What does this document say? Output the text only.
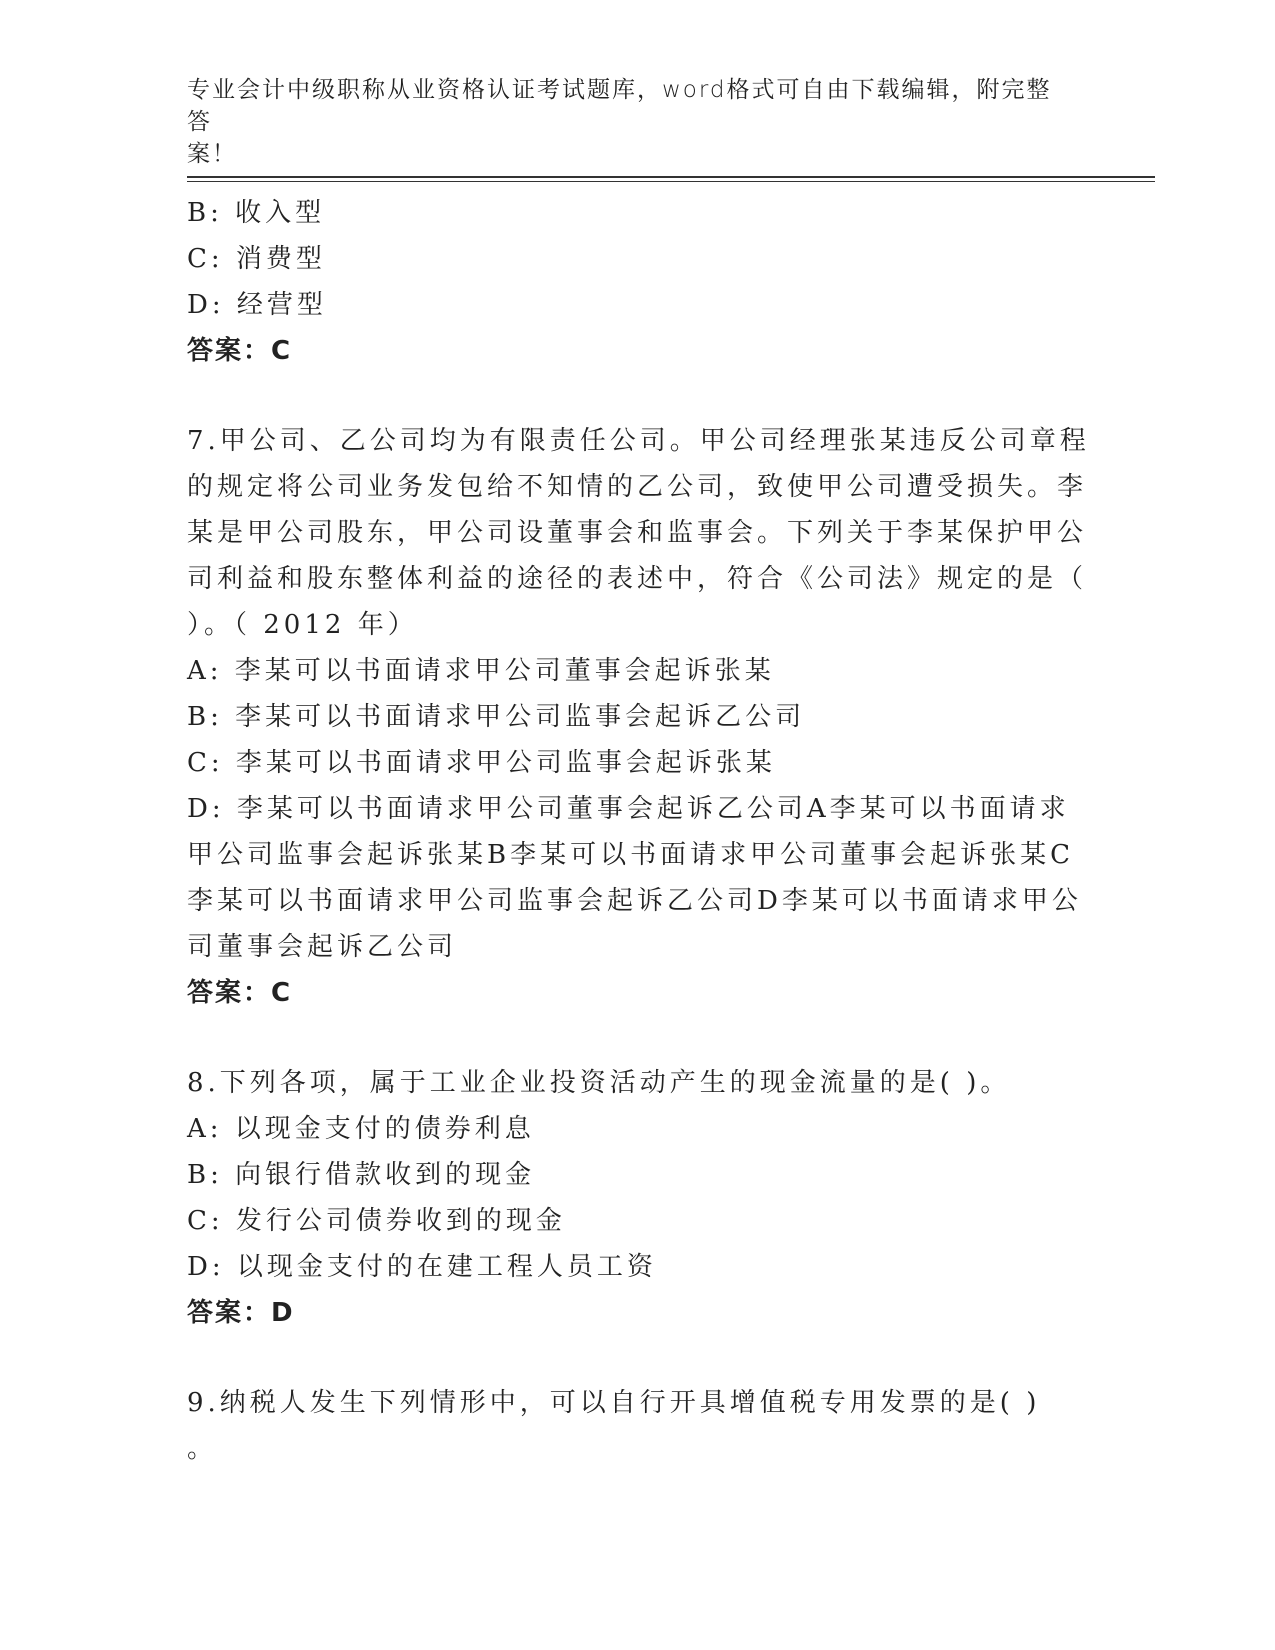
专业会计中级职称从业资格认证考试题库，word格式可自由下载编辑，附完整答
案！
B: 收入型
C: 消费型
D: 经营型
答案：C
7.甲公司、乙公司均为有限责任公司。甲公司经理张某违反公司章程
的规定将公司业务发包给不知情的乙公司，致使甲公司遭受损失。李
某是甲公司股东，甲公司设董事会和监事会。下列关于李某保护甲公
司利益和股东整体利益的途径的表述中，符合《公司法》规定的是（
）。（ 2012 年）
A: 李某可以书面请求甲公司董事会起诉张某
B: 李某可以书面请求甲公司监事会起诉乙公司
C: 李某可以书面请求甲公司监事会起诉张某
D: 李某可以书面请求甲公司董事会起诉乙公司A李某可以书面请求
甲公司监事会起诉张某B李某可以书面请求甲公司董事会起诉张某C
李某可以书面请求甲公司监事会起诉乙公司D李某可以书面请求甲公
司董事会起诉乙公司
答案：C
8.下列各项，属于工业企业投资活动产生的现金流量的是( )。
A: 以现金支付的债券利息
B: 向银行借款收到的现金
C: 发行公司债券收到的现金
D: 以现金支付的在建工程人员工资
答案：D
9.纳税人发生下列情形中，可以自行开具增值税专用发票的是( )
。
